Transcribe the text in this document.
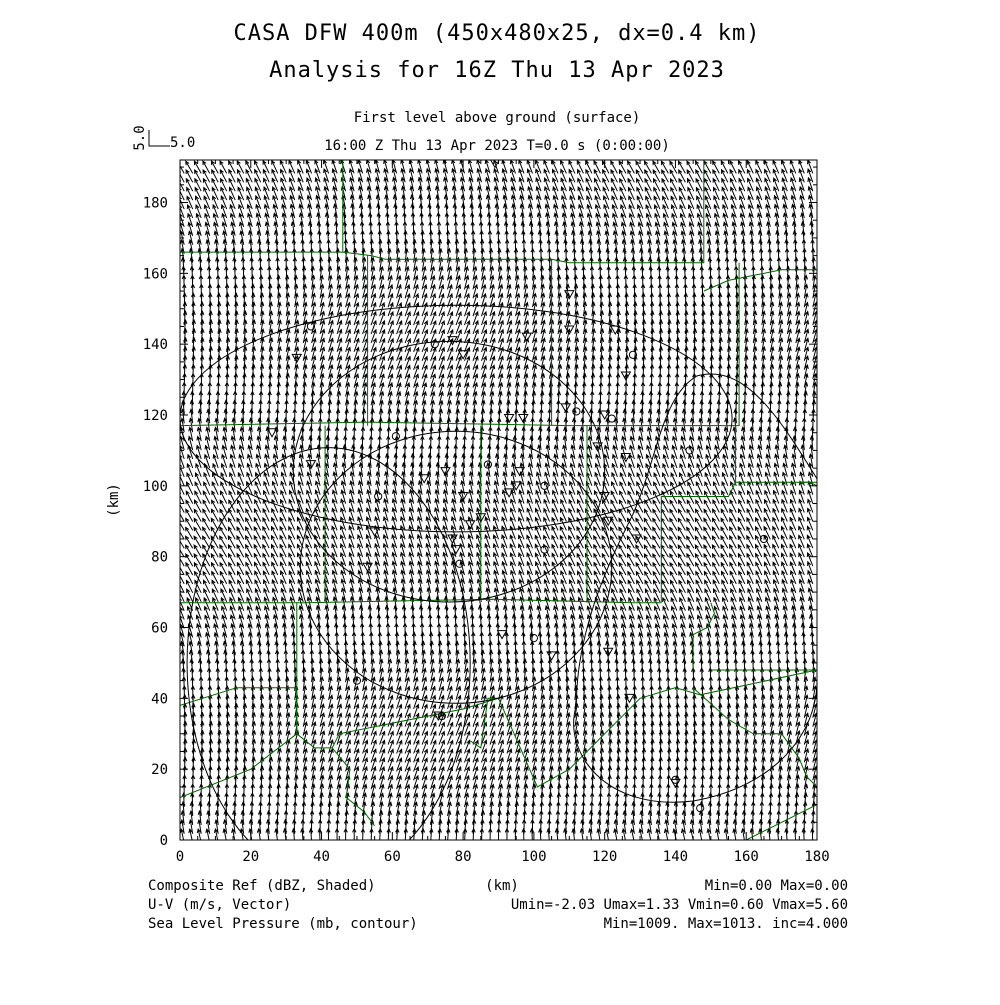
CASA DFW 400m (450x480x25, dx=0.4 km)
Analysis for 16Z Thu 13 Apr 2023
First level above ground (surface)
16:00 Z Thu 13 Apr 2023 T=0.0 s (0:00:00)
5.0
5.0
0	20	40	60	80	100	120	140	160	180
0
20
40
60
80
100
120
140
160
180
(km)
Composite Ref (dBZ, Shaded)
U-V (m/s, Vector)
Sea Level Pressure (mb, contour)
(km)	Min=0.00 Max=0.00
Umin=-2.03 Umax=1.33 Vmin=0.60 Vmax=5.60
Min=1009. Max=1013. inc=4.000
